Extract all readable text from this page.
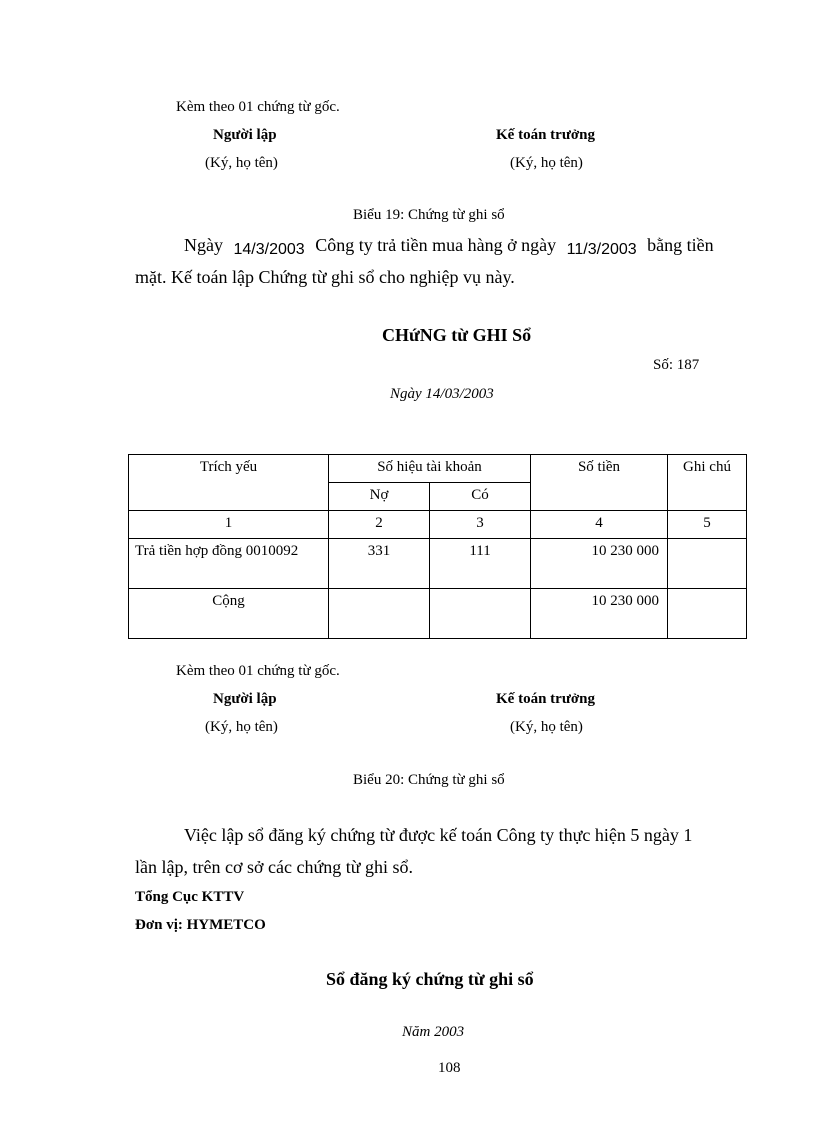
Kèm theo 01 chứng từ gốc.
Người lập	Kế toán trưởng
(Ký, họ tên)	(Ký, họ tên)
Biểu 19: Chứng từ ghi sổ
Ngày 14/3/2003 Công ty trả tiền mua hàng ở ngày 11/3/2003 bằng tiền
mặt. Kế toán lập Chứng từ ghi sổ cho nghiệp vụ này.
CHứNG từ GHI Sổ
Số: 187
Ngày 14/03/2003
Trích yếu	Số hiệu tài khoản		Số tiền	Ghi chú
	Nợ	Có		
1	2	3	4	5
Trả tiền hợp đồng 0010092	331	111	10 230 000	
Cộng			10 230 000	
Kèm theo 01 chứng từ gốc.
Người lập	Kế toán trưởng
(Ký, họ tên)	(Ký, họ tên)
Biểu 20: Chứng từ ghi sổ
Việc lập sổ đăng ký chứng từ được kế toán Công ty thực hiện 5 ngày 1
lần lập, trên cơ sở các chứng từ ghi sổ.
Tổng Cục KTTV
Đơn vị: HYMETCO
Sổ đăng ký chứng từ ghi sổ
Năm 2003
108
